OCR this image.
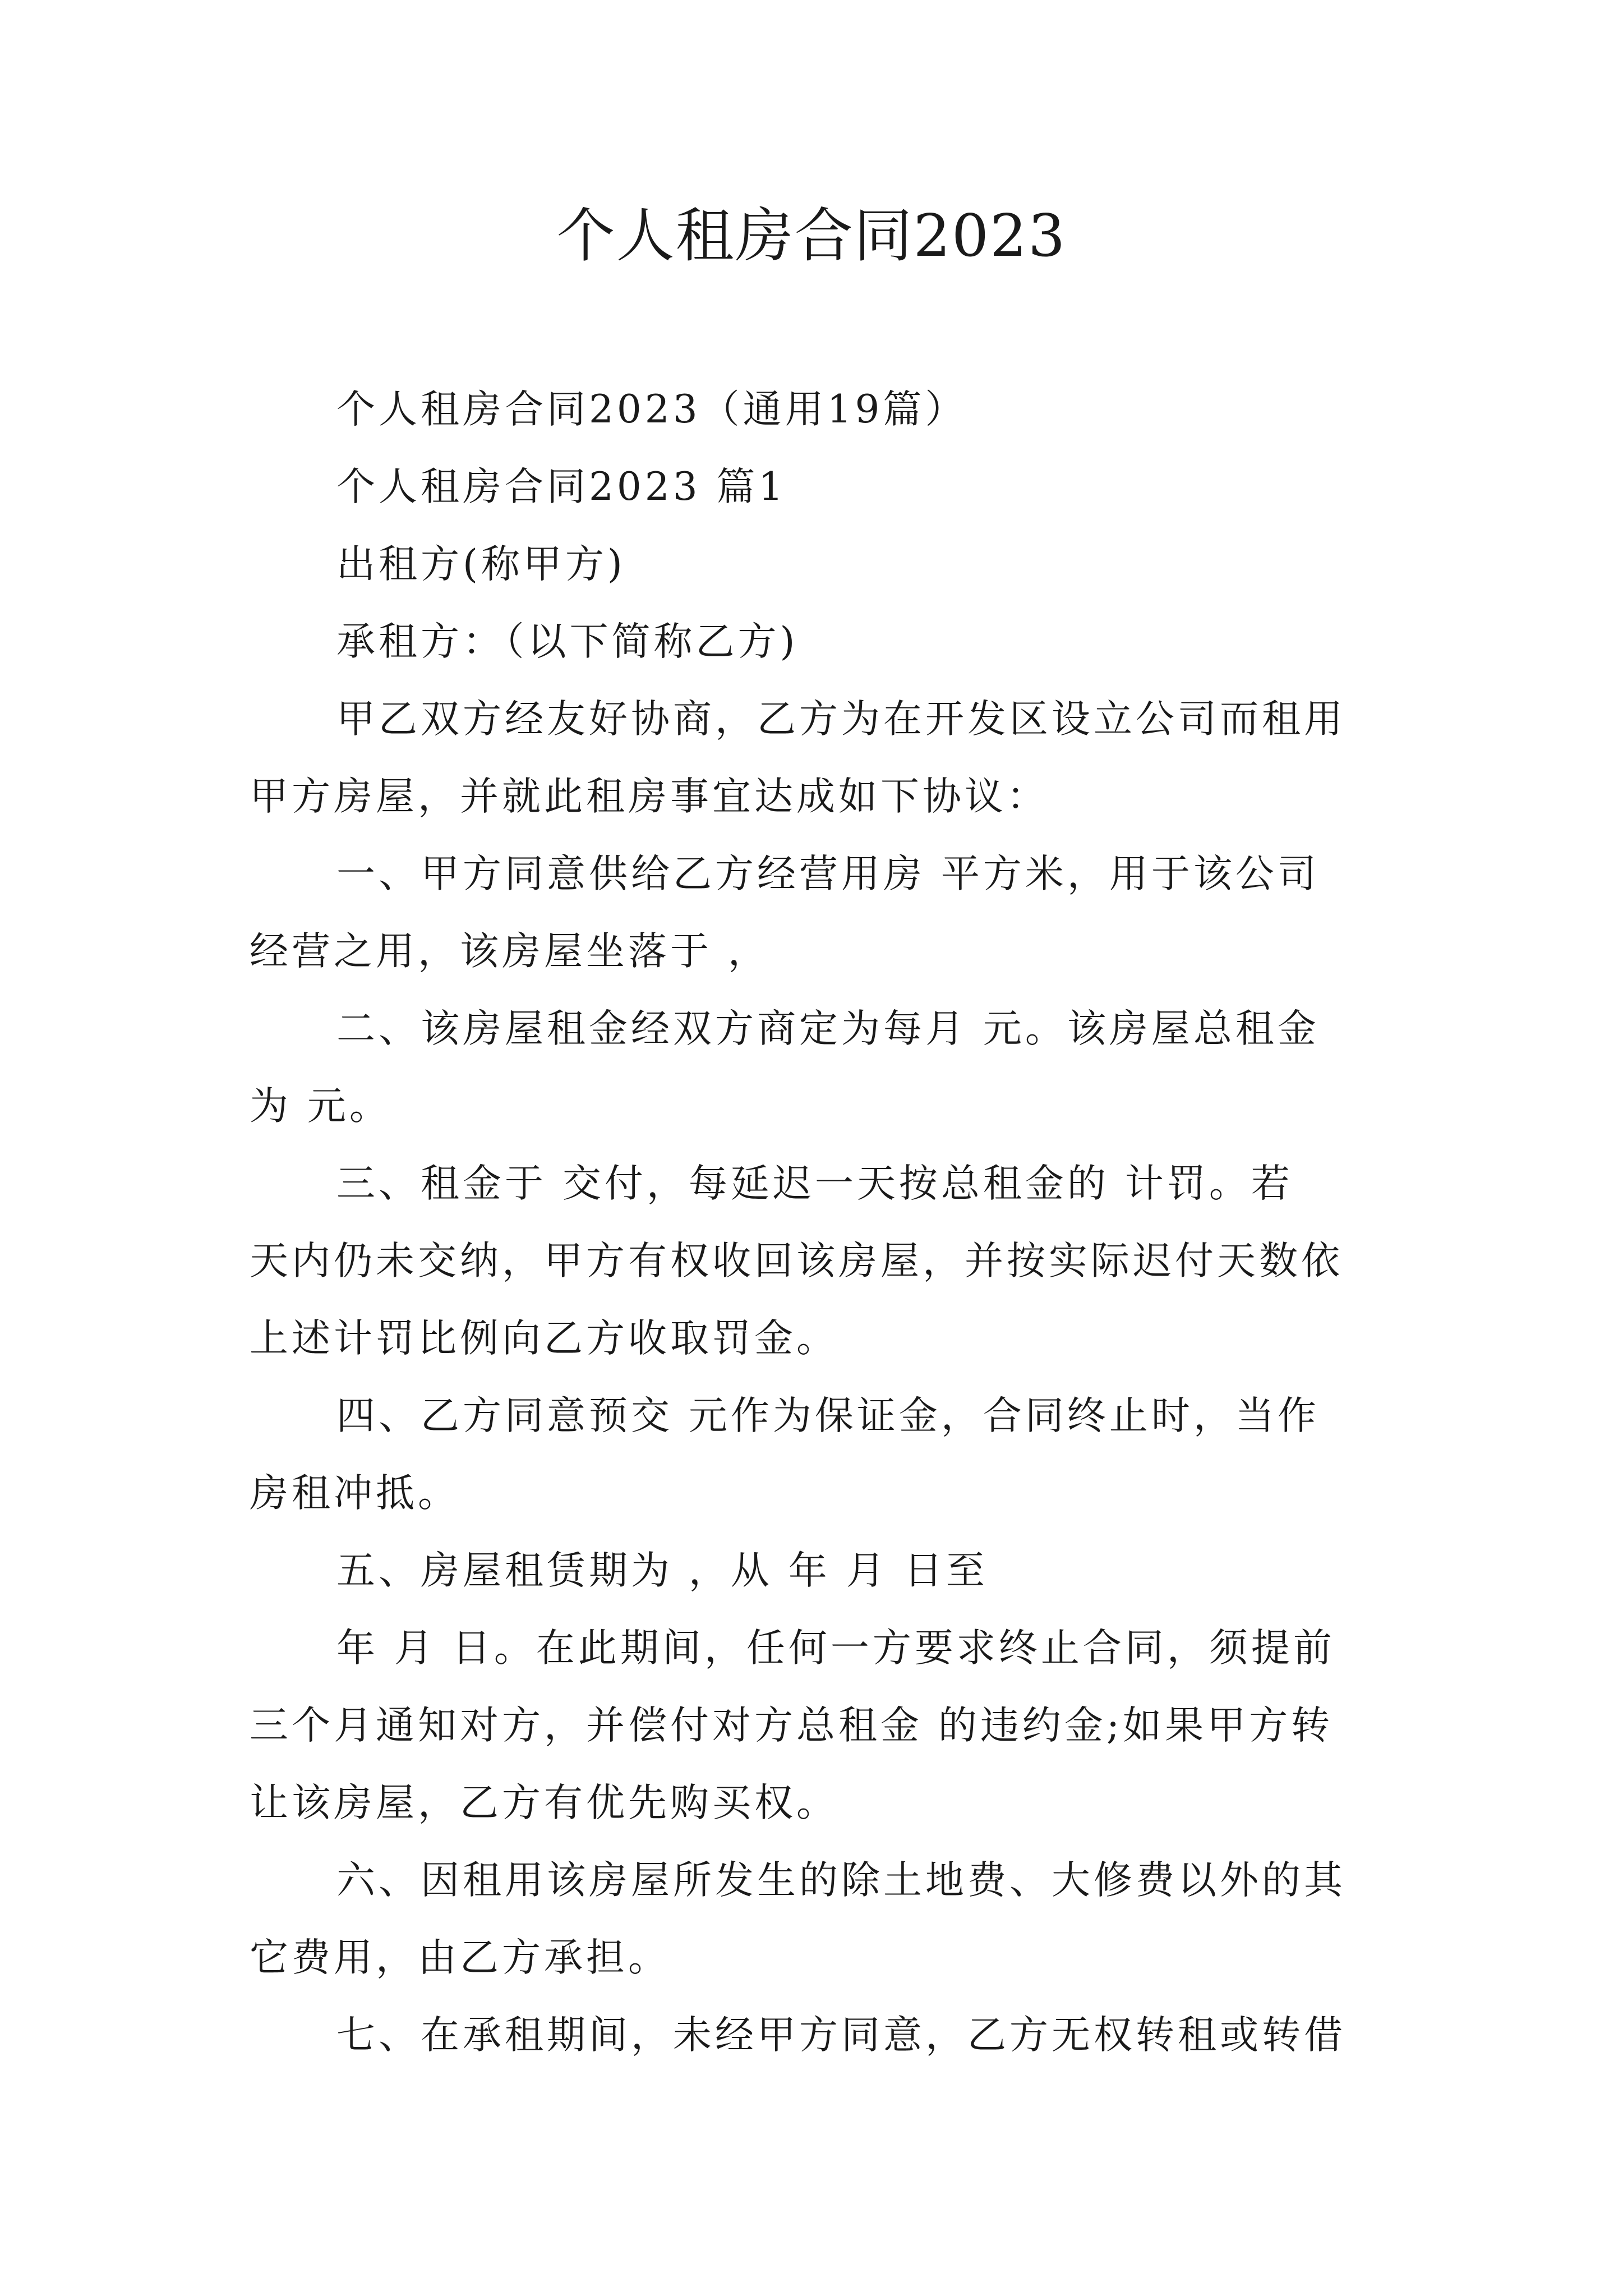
个人租房合同2023
个人租房合同2023（通用19篇）
个人租房合同2023 篇1
出租方(称甲方)
承租方：（以下简称乙方)
甲乙双方经友好协商，乙方为在开发区设立公司而租用
甲方房屋，并就此租房事宜达成如下协议：
一、甲方同意供给乙方经营用房 平方米，用于该公司
经营之用，该房屋坐落于 ，
二、该房屋租金经双方商定为每月 元。该房屋总租金
为 元。
三、租金于 交付，每延迟一天按总租金的 计罚。若
天内仍未交纳，甲方有权收回该房屋，并按实际迟付天数依
上述计罚比例向乙方收取罚金。
四、乙方同意预交 元作为保证金，合同终止时，当作
房租冲抵。
五、房屋租赁期为 ，从 年 月 日至
年 月 日。在此期间，任何一方要求终止合同，须提前
三个月通知对方，并偿付对方总租金 的违约金;如果甲方转
让该房屋，乙方有优先购买权。
六、因租用该房屋所发生的除土地费、大修费以外的其
它费用，由乙方承担。
七、在承租期间，未经甲方同意，乙方无权转租或转借
